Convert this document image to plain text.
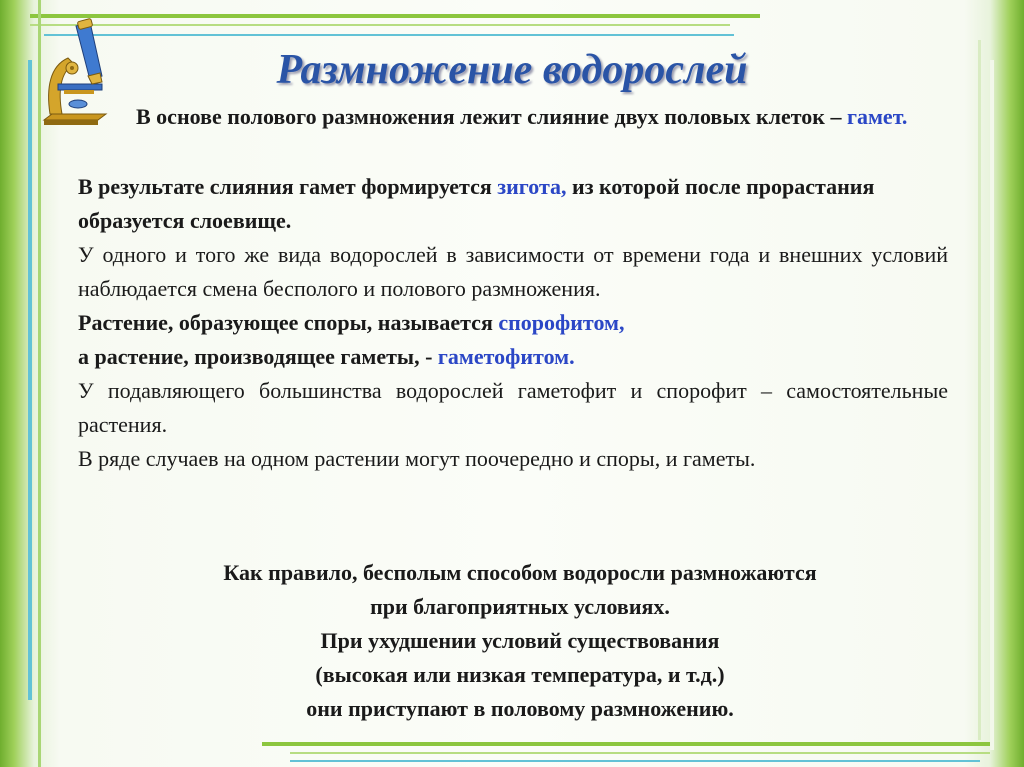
Размножение водорослей
В основе полового размножения лежит слияние двух половых клеток – гамет.
В результате слияния гамет формируется зигота, из которой после прорастания образуется слоевище.
У одного и того же вида водорослей в зависимости от времени года и внешних условий наблюдается смена бесполого и полового размножения.
Растение, образующее споры, называется спорофитом,
а растение, производящее гаметы, - гаметофитом.
У подавляющего большинства водорослей гаметофит и спорофит – самостоятельные растения.
В ряде случаев на одном растении могут поочередно и споры, и гаметы.
Как правило, бесполым способом водоросли размножаются
при благоприятных условиях.
При ухудшении условий существования
(высокая или низкая температура, и т.д.)
они приступают в половому размножению.
